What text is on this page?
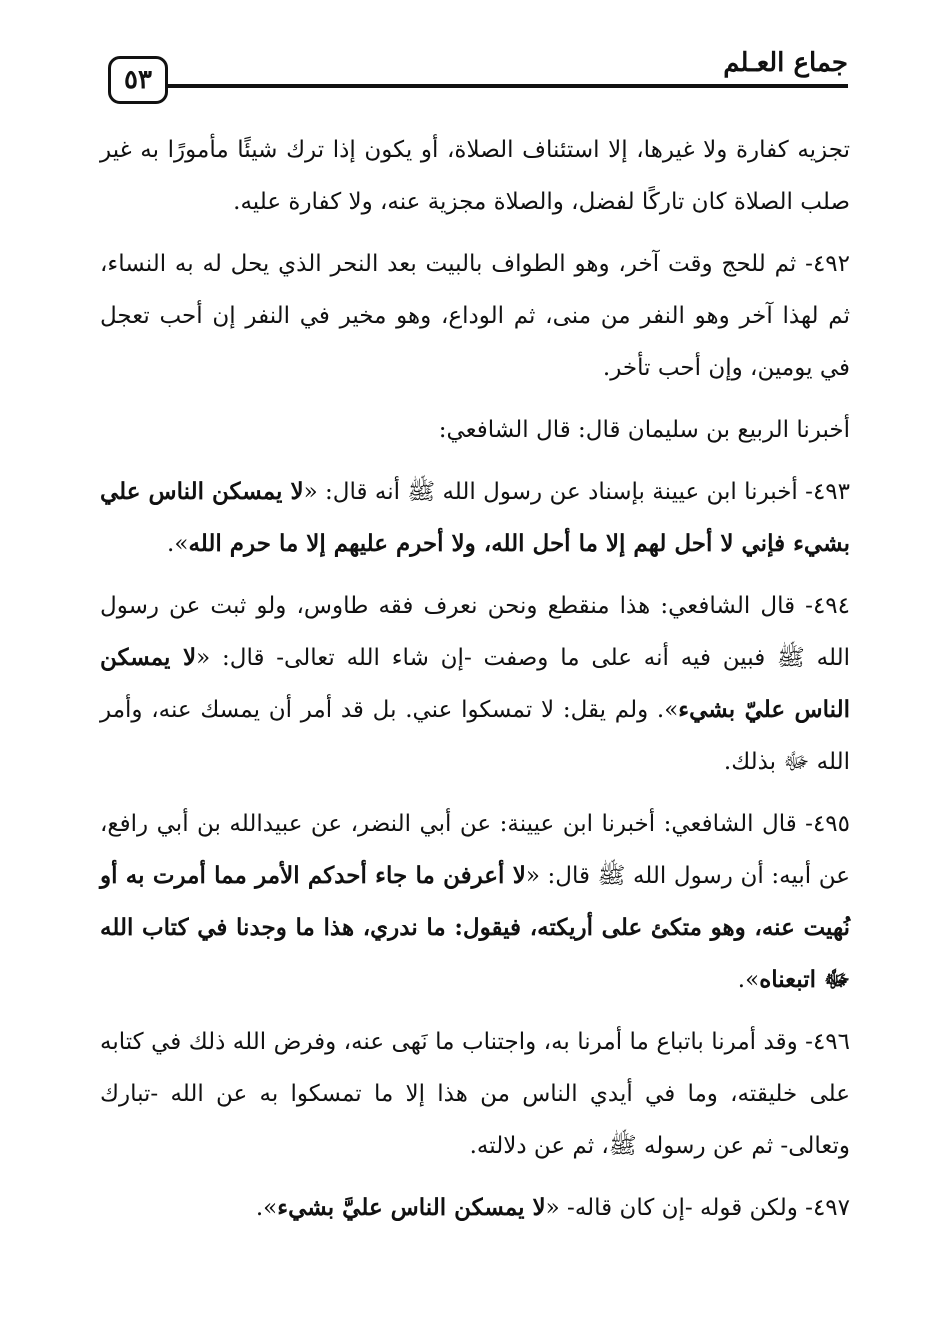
جماع العـلم
٥٣

تجزيه كفارة ولا غيرها، إلا استئناف الصلاة، أو يكون إذا ترك شيئًا مأمورًا به غير صلب الصلاة كان تاركًا لفضل، والصلاة مجزية عنه، ولا كفارة عليه.

٤٩٢- ثم للحج وقت آخر، وهو الطواف بالبيت بعد النحر الذي يحل له به النساء، ثم لهذا آخر وهو النفر من منى، ثم الوداع، وهو مخير في النفر إن أحب تعجل في يومين، وإن أحب تأخر.

أخبرنا الربيع بن سليمان قال: قال الشافعي:

٤٩٣- أخبرنا ابن عيينة بإسناد عن رسول الله ﷺ أنه قال: «لا يمسكن الناس علي بشيء فإني لا أحل لهم إلا ما أحل الله، ولا أحرم عليهم إلا ما حرم الله».

٤٩٤- قال الشافعي: هذا منقطع ونحن نعرف فقه طاوس، ولو ثبت عن رسول الله ﷺ فبين فيه أنه على ما وصفت -إن شاء الله تعالى- قال: «لا يمسكن الناس عليّ بشيء». ولم يقل: لا تمسكوا عني. بل قد أمر أن يمسك عنه، وأمر الله ﷻ بذلك.

٤٩٥- قال الشافعي: أخبرنا ابن عيينة: عن أبي النضر، عن عبيدالله بن أبي رافع، عن أبيه: أن رسول الله ﷺ قال: «لا أعرفن ما جاء أحدكم الأمر مما أمرت به أو نُهيت عنه، وهو متكئ على أريكته، فيقول: ما ندري، هذا ما وجدنا في كتاب الله ﷻ اتبعناه».

٤٩٦- وقد أمرنا باتباع ما أمرنا به، واجتناب ما نَهى عنه، وفرض الله ذلك في كتابه على خليقته، وما في أيدي الناس من هذا إلا ما تمسكوا به عن الله -تبارك وتعالى- ثم عن رسوله ﷺ، ثم عن دلالته.

٤٩٧- ولكن قوله -إن كان قاله- «لا يمسكن الناس عليَّ بشيء».
